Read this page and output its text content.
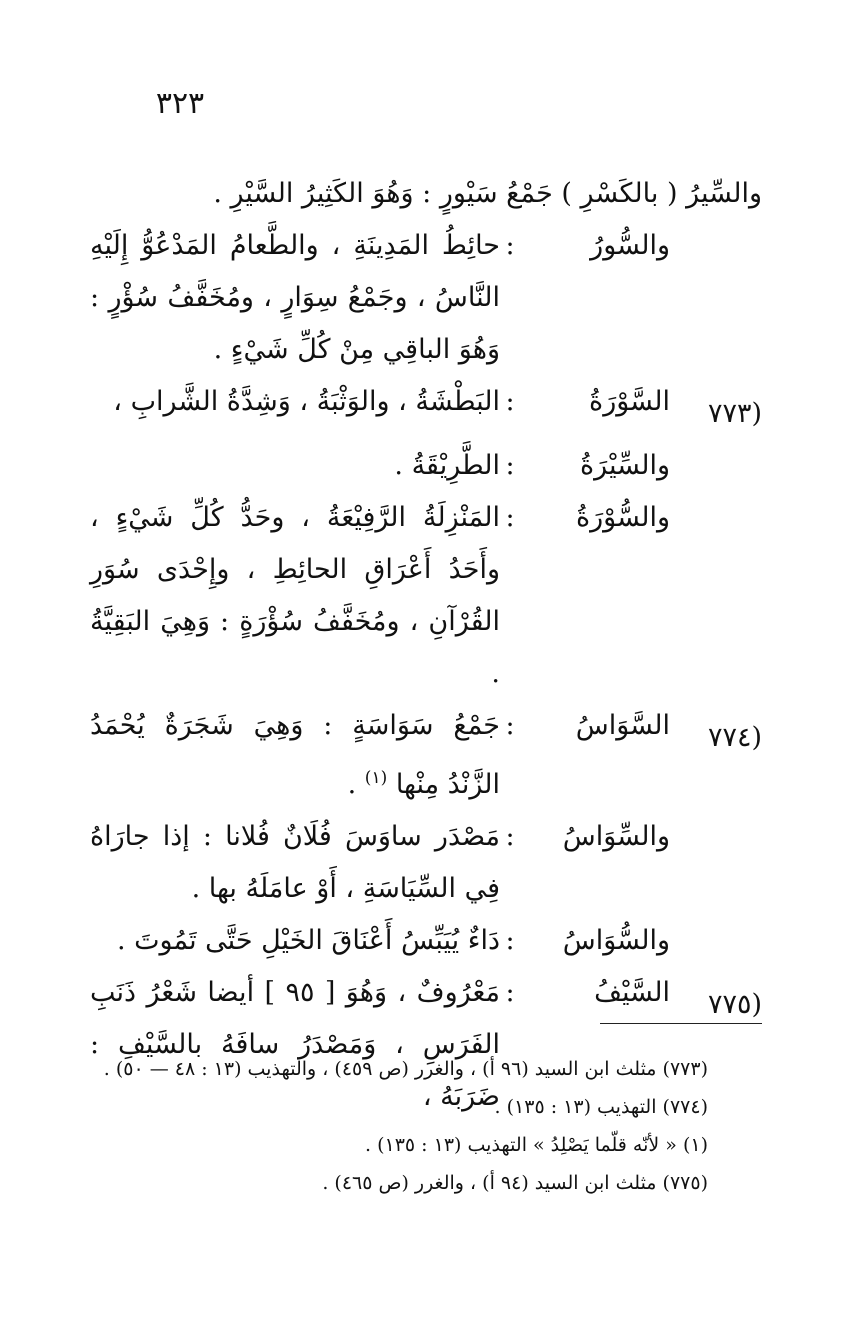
٣٢٣
والسِّيرُ ( بالكَسْرِ ) جَمْعُ سَيْورٍ : وَهُوَ الكَثِيرُ السَّيْرِ .
والسُّورُ
:
حائِطُ المَدِينَةِ ، والطَّعامُ المَدْعُوُّ إِلَيْهِ النَّاسُ ، وجَمْعُ سِوَارٍ ، ومُخَفَّفُ سُؤْرٍ : وَهُوَ الباقِي مِنْ كُلِّ شَيْءٍ .
(٧٧٣
السَّوْرَةُ
:
البَطْشَةُ ، والوَثْبَةُ ، وَشِدَّةُ الشَّرابِ ،
والسِّيْرَةُ
:
الطَّرِيْقَةُ .
والسُّوْرَةُ
:
المَنْزِلَةُ الرَّفِيْعَةُ ، وحَدُّ كُلِّ شَيْءٍ ، وأَحَدُ أَعْرَاقِ الحائِطِ ، وإِحْدَى سُوَرِ القُرْآنِ ، ومُخَفَّفُ سُؤْرَةٍ : وَهِيَ البَقِيَّةُ .
(٧٧٤
السَّوَاسُ
:
جَمْعُ سَوَاسَةٍ : وَهِيَ شَجَرَةٌ يُحْمَدُ الزَّنْدُ مِنْها $^{(١)}$ .
والسِّوَاسُ
:
مَصْدَر ساوَسَ فُلَانٌ فُلانا : إذا جارَاهُ فِي السِّيَاسَةِ ، أَوْ عامَلَهُ بها .
والسُّوَاسُ
:
دَاءٌ يُيَبِّسُ أَعْنَاقَ الخَيْلِ حَتَّى تَمُوتَ .
(٧٧٥
السَّيْفُ
:
مَعْرُوفٌ ، وَهُوَ [ ٩٥ ] أيضا شَعْرُ ذَنَبِ الفَرَسِ ، وَمَصْدَرُ سافَهُ بالسَّيْفِ : ضَرَبَهُ ،

(٧٧٣) مثلث ابن السيد (٩٦ أ) ، والغرر (ص ٤٥٩) ، والتهذيب (١٣ : ٤٨ — ٥٠) .

(٧٧٤) التهذيب (١٣ : ١٣٥) .

(١) « لأنّه قلّما يَصْلِدُ » التهذيب (١٣ : ١٣٥) .

(٧٧٥) مثلث ابن السيد (٩٤ أ) ، والغرر (ص ٤٦٥) .
